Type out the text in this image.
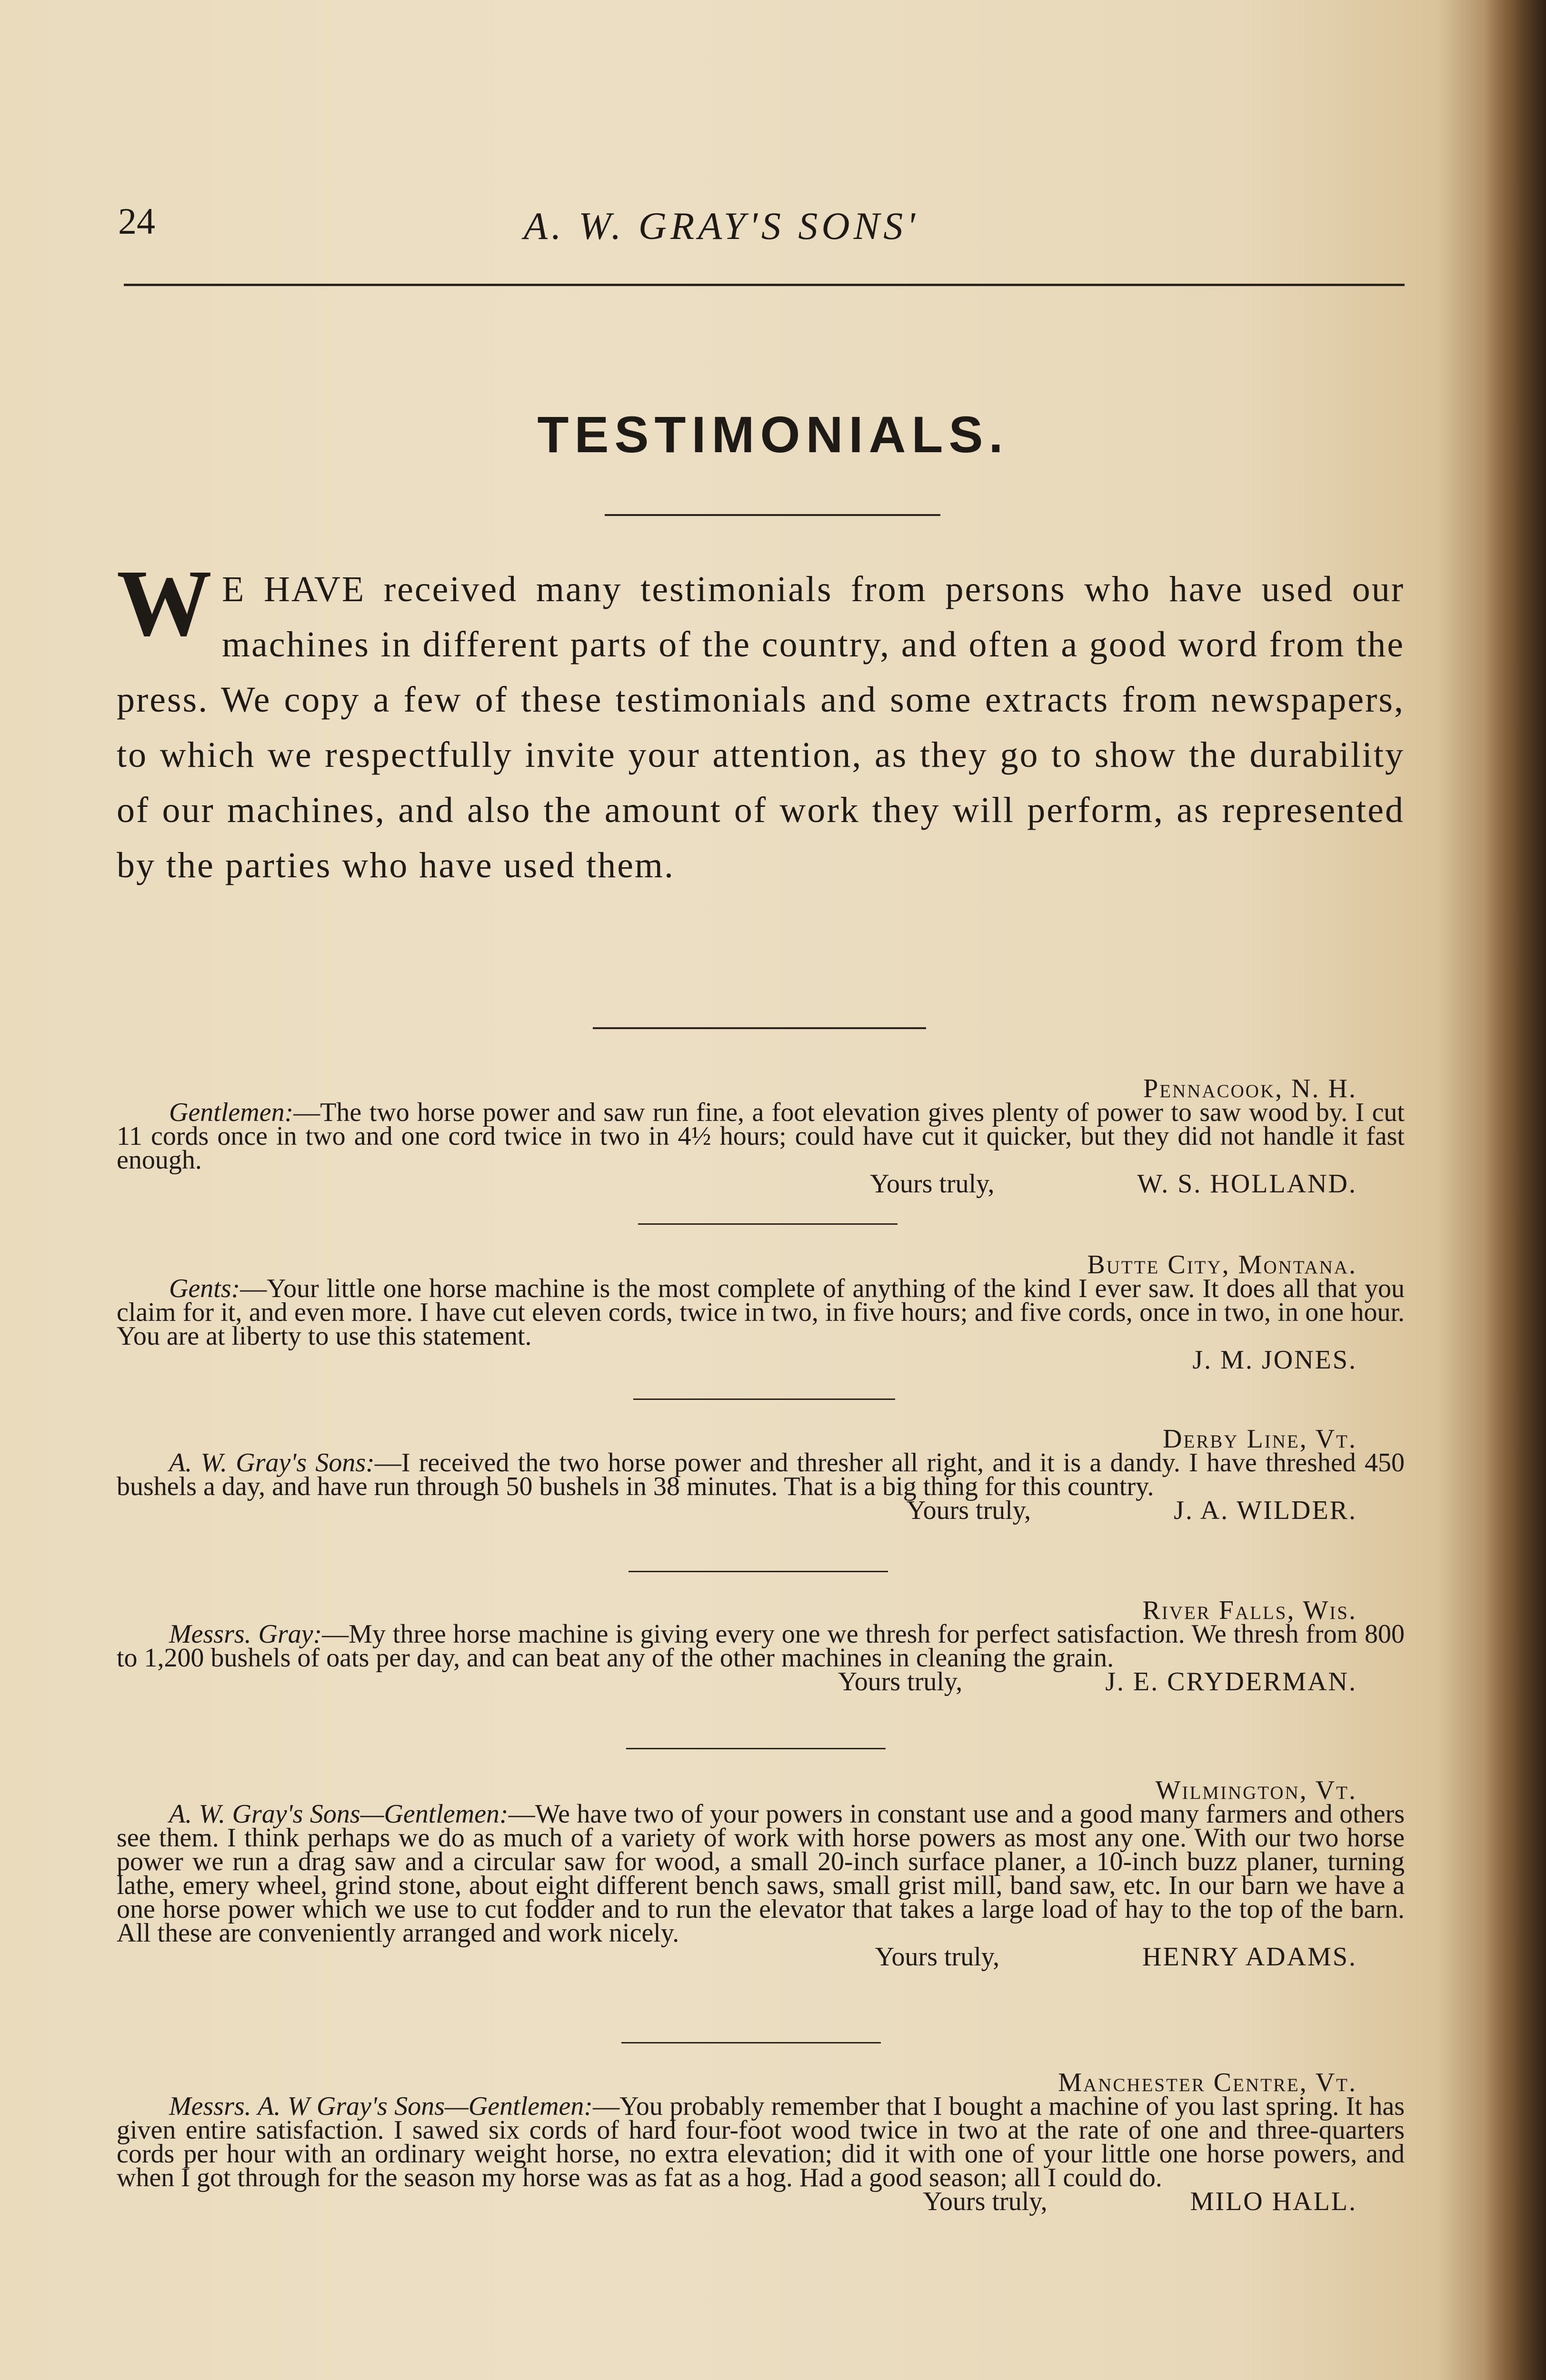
24	A. W. GRAY'S SONS'
TESTIMONIALS.
W E HAVE received many testimonials from persons who have used our machines in different parts of the country, and often a good word from the press. We copy a few of these testimonials and some extracts from newspapers, to which we respectfully invite your attention, as they go to show the durability of our machines, and also the amount of work they will perform, as represented by the parties who have used them.
Pennacook, N. H.

Gentlemen:—The two horse power and saw run fine, a foot elevation gives plenty of power to saw wood by. I cut 11 cords once in two and one cord twice in two in 4½ hours; could have cut it quicker, but they did not handle it fast enough.

Yours truly,	W. S. HOLLAND.
Butte City, Montana.

Gents:—Your little one horse machine is the most complete of anything of the kind I ever saw. It does all that you claim for it, and even more. I have cut eleven cords, twice in two, in five hours; and five cords, once in two, in one hour. You are at liberty to use this statement.

J. M. JONES.
Derby Line, Vt.

A. W. Gray's Sons:—I received the two horse power and thresher all right, and it is a dandy. I have threshed 450 bushels a day, and have run through 50 bushels in 38 minutes. That is a big thing for this country.

Yours truly,	J. A. WILDER.
River Falls, Wis.

Messrs. Gray:—My three horse machine is giving every one we thresh for perfect satisfaction. We thresh from 800 to 1,200 bushels of oats per day, and can beat any of the other machines in cleaning the grain.

Yours truly,	J. E. CRYDERMAN.
Wilmington, Vt.

A. W. Gray's Sons—Gentlemen:—We have two of your powers in constant use and a good many farmers and others see them. I think perhaps we do as much of a variety of work with horse powers as most any one. With our two horse power we run a drag saw and a circular saw for wood, a small 20-inch surface planer, a 10-inch buzz planer, turning lathe, emery wheel, grind stone, about eight different bench saws, small grist mill, band saw, etc. In our barn we have a one horse power which we use to cut fodder and to run the elevator that takes a large load of hay to the top of the barn. All these are conveniently arranged and work nicely.

Yours truly,	HENRY ADAMS.
Manchester Centre, Vt.

Messrs. A. W Gray's Sons—Gentlemen:—You probably remember that I bought a machine of you last spring. It has given entire satisfaction. I sawed six cords of hard four-foot wood twice in two at the rate of one and three-quarters cords per hour with an ordinary weight horse, no extra elevation; did it with one of your little one horse powers, and when I got through for the season my horse was as fat as a hog. Had a good season; all I could do.

Yours truly,	MILO HALL.
